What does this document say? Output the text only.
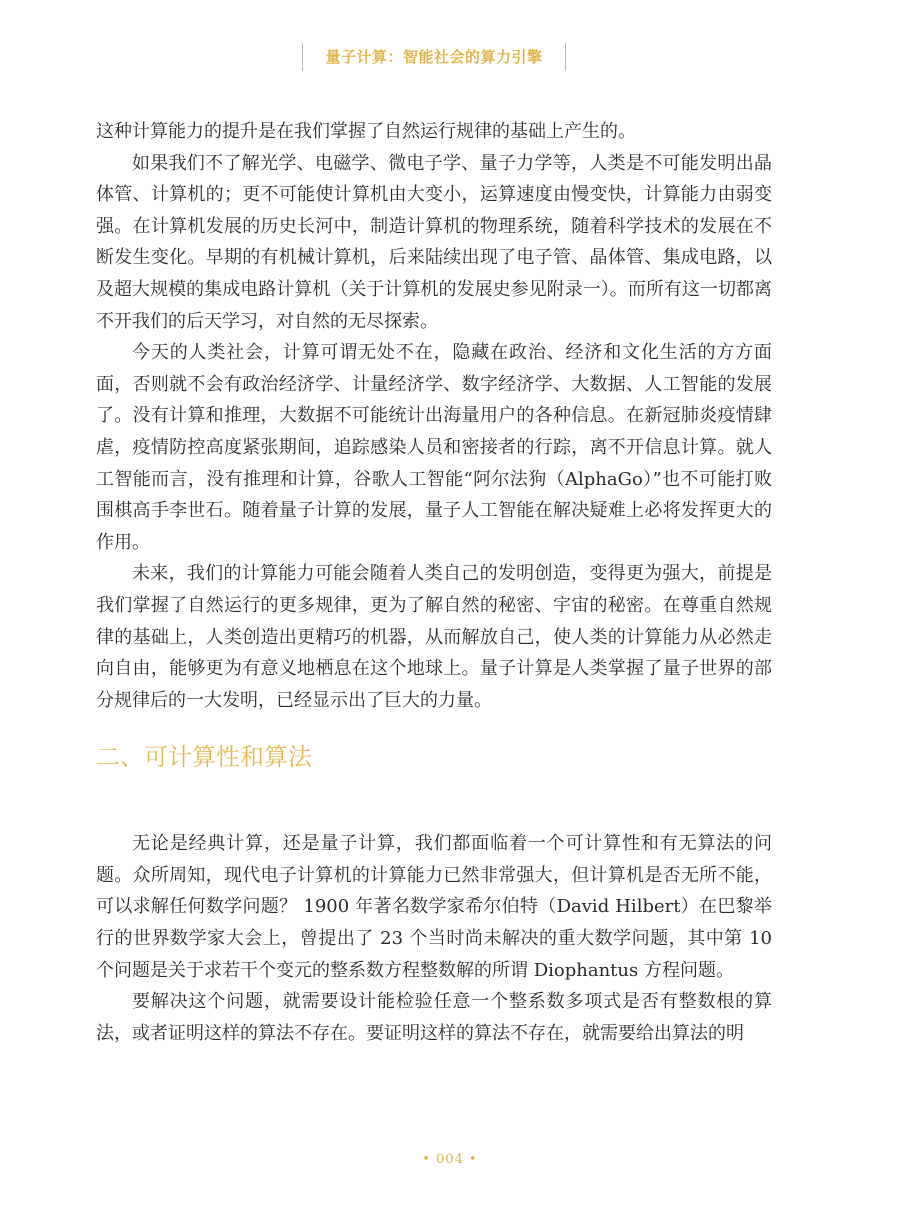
量子计算：智能社会的算力引擎

这种计算能力的提升是在我们掌握了自然运行规律的基础上产生的。

如果我们不了解光学、电磁学、微电子学、量子力学等，人类是不可能发明出晶体管、计算机的；更不可能使计算机由大变小，运算速度由慢变快，计算能力由弱变强。在计算机发展的历史长河中，制造计算机的物理系统，随着科学技术的发展在不断发生变化。早期的有机械计算机，后来陆续出现了电子管、晶体管、集成电路，以及超大规模的集成电路计算机（关于计算机的发展史参见附录一）。而所有这一切都离不开我们的后天学习，对自然的无尽探索。

今天的人类社会，计算可谓无处不在，隐藏在政治、经济和文化生活的方方面面，否则就不会有政治经济学、计量经济学、数字经济学、大数据、人工智能的发展了。没有计算和推理，大数据不可能统计出海量用户的各种信息。在新冠肺炎疫情肆虐，疫情防控高度紧张期间，追踪感染人员和密接者的行踪，离不开信息计算。就人工智能而言，没有推理和计算，谷歌人工智能“阿尔法狗（AlphaGo）”也不可能打败围棋高手李世石。随着量子计算的发展，量子人工智能在解决疑难上必将发挥更大的作用。

未来，我们的计算能力可能会随着人类自己的发明创造，变得更为强大，前提是我们掌握了自然运行的更多规律，更为了解自然的秘密、宇宙的秘密。在尊重自然规律的基础上，人类创造出更精巧的机器，从而解放自己，使人类的计算能力从必然走向自由，能够更为有意义地栖息在这个地球上。量子计算是人类掌握了量子世界的部分规律后的一大发明，已经显示出了巨大的力量。

二、可计算性和算法

无论是经典计算，还是量子计算，我们都面临着一个可计算性和有无算法的问题。众所周知，现代电子计算机的计算能力已然非常强大，但计算机是否无所不能，可以求解任何数学问题？ 1900 年著名数学家希尔伯特（David Hilbert）在巴黎举行的世界数学家大会上，曾提出了 23 个当时尚未解决的重大数学问题，其中第 10 个问题是关于求若干个变元的整系数方程整数解的所谓 Diophantus 方程问题。

要解决这个问题，就需要设计能检验任意一个整系数多项式是否有整数根的算法，或者证明这样的算法不存在。要证明这样的算法不存在，就需要给出算法的明

• 004 •
